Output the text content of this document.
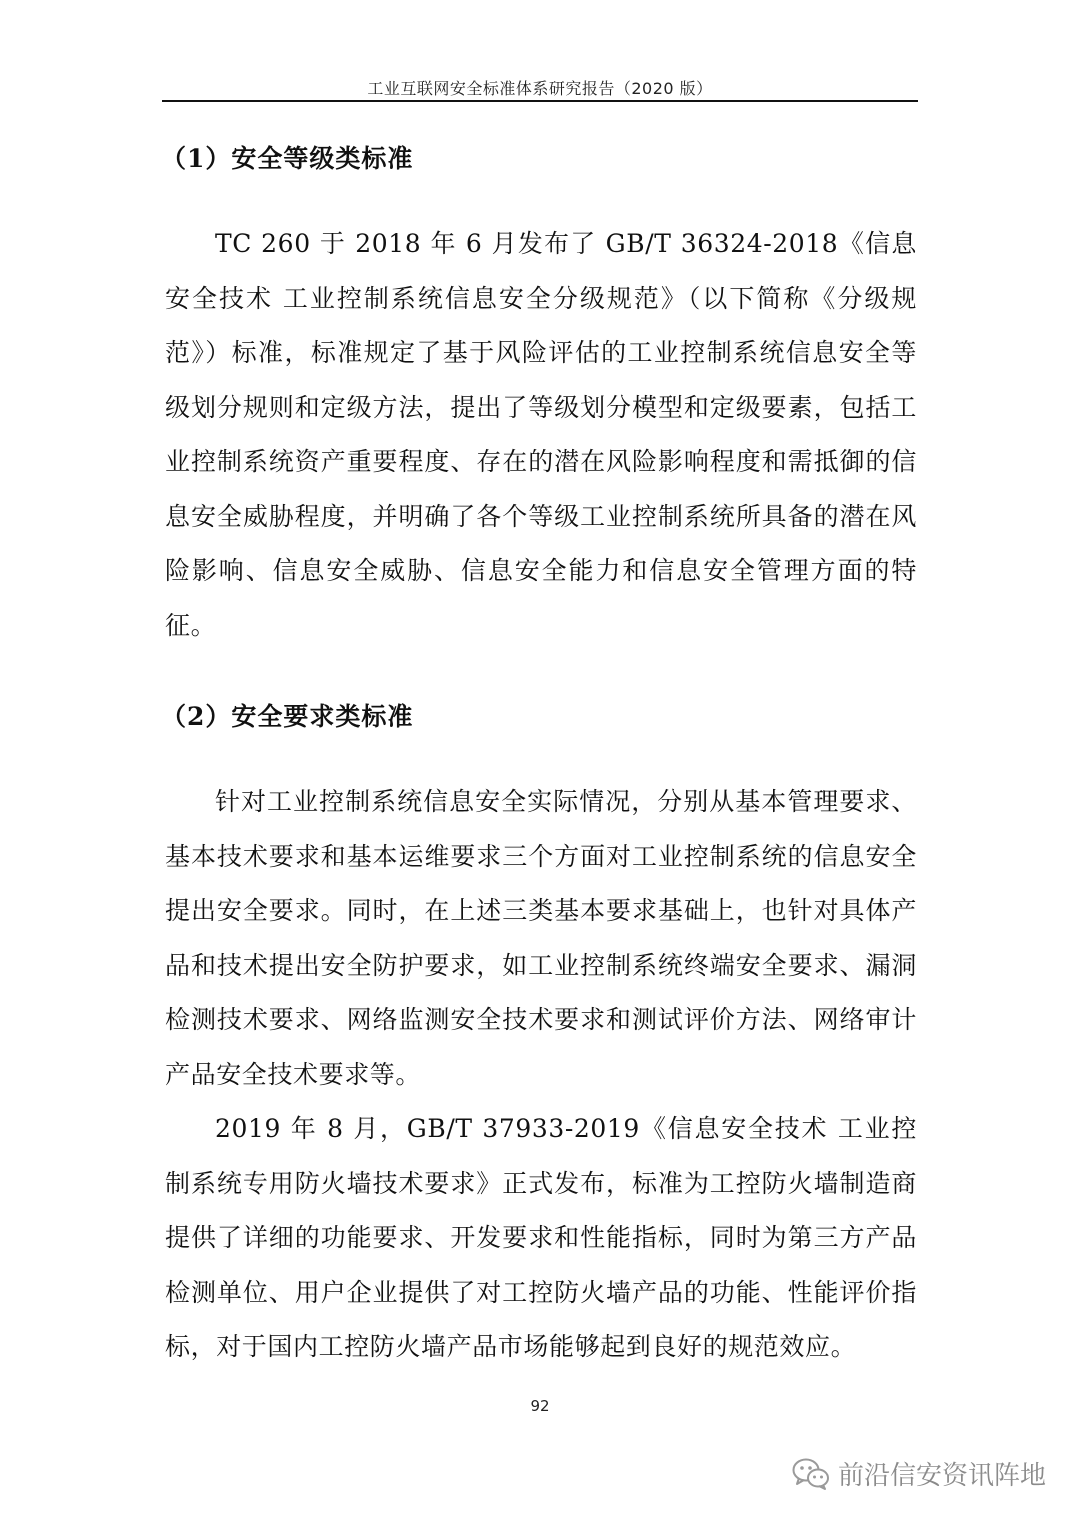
工业互联网安全标准体系研究报告（2020 版）
（1）安全等级类标准

TC 260 于 2018 年 6 月发布了 GB/T 36324-2018《信息安全技术 工业控制系统信息安全分级规范》（以下简称《分级规范》）标准，标准规定了基于风险评估的工业控制系统信息安全等级划分规则和定级方法，提出了等级划分模型和定级要素，包括工业控制系统资产重要程度、存在的潜在风险影响程度和需抵御的信息安全威胁程度，并明确了各个等级工业控制系统所具备的潜在风险影响、信息安全威胁、信息安全能力和信息安全管理方面的特征。

（2）安全要求类标准

针对工业控制系统信息安全实际情况，分别从基本管理要求、基本技术要求和基本运维要求三个方面对工业控制系统的信息安全提出安全要求。同时，在上述三类基本要求基础上，也针对具体产品和技术提出安全防护要求，如工业控制系统终端安全要求、漏洞检测技术要求、网络监测安全技术要求和测试评价方法、网络审计产品安全技术要求等。

2019 年 8 月，GB/T 37933-2019《信息安全技术 工业控制系统专用防火墙技术要求》正式发布，标准为工控防火墙制造商提供了详细的功能要求、开发要求和性能指标，同时为第三方产品检测单位、用户企业提供了对工控防火墙产品的功能、性能评价指标，对于国内工控防火墙产品市场能够起到良好的规范效应。

92
前沿信安资讯阵地
